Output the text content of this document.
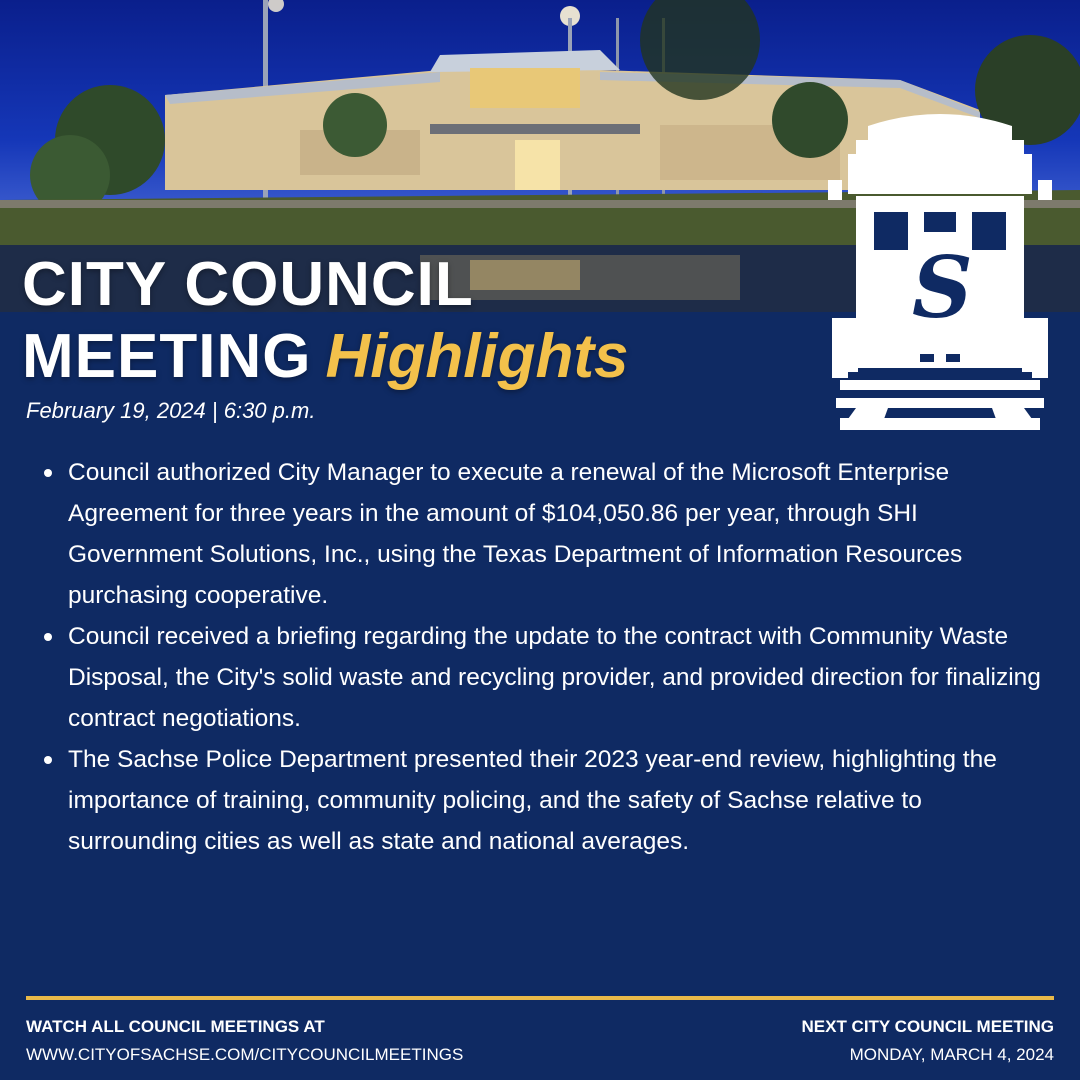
S
CITY COUNCIL
MEETING Highlights
February 19, 2024 | 6:30 p.m.
Council authorized City Manager to execute a renewal of the Microsoft Enterprise Agreement for three years in the amount of $104,050.86 per year, through SHI Government Solutions, Inc., using the Texas Department of Information Resources purchasing cooperative.
Council received a briefing regarding the update to the contract with Community Waste Disposal, the City's solid waste and recycling provider, and provided direction for finalizing contract negotiations.
The Sachse Police Department presented their 2023 year-end review, highlighting the importance of training, community policing, and the safety of Sachse relative to surrounding cities as well as state and national averages.
WATCH ALL COUNCIL MEETINGS AT
WWW.CITYOFSACHSE.COM/CITYCOUNCILMEETINGS
NEXT CITY COUNCIL MEETING
MONDAY, MARCH 4, 2024
